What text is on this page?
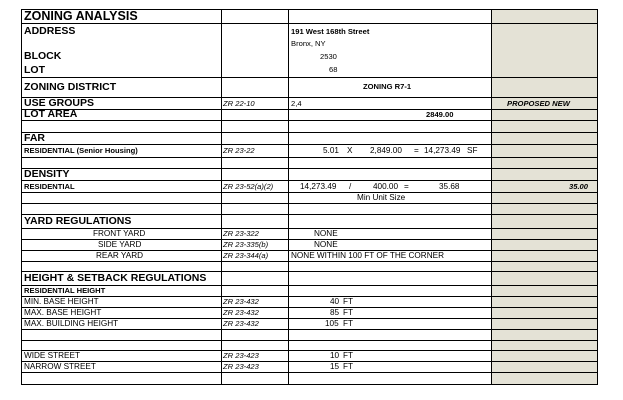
ZONING ANALYSIS
ADDRESS	191 West 168th Street
Bronx, NY
BLOCK	2530
LOT	68
ZONING DISTRICT	ZONING R7-1
USE GROUPS	ZR 22-10	2,4	PROPOSED NEW
LOT AREA	2849.00
FAR
RESIDENTIAL (Senior Housing)	ZR 23-22	5.01 X 2,849.00 = 14,273.49 SF
DENSITY
RESIDENTIAL	ZR 23-52(a)(2)	14,273.49 /	400.00 =	35.68	35.00
Min Unit Size
YARD REGULATIONS
FRONT YARD	ZR 23-322	NONE
SIDE YARD	ZR 23-335(b)	NONE
REAR YARD	ZR 23-344(a)	NONE WITHIN 100 FT OF THE CORNER
HEIGHT & SETBACK REGULATIONS
RESIDENTIAL HEIGHT
MIN. BASE HEIGHT	ZR 23-432	40 FT
MAX. BASE HEIGHT	ZR 23-432	85 FT
MAX. BUILDING HEIGHT	ZR 23-432	105 FT
WIDE STREET	ZR 23-423	10 FT
NARROW STREET	ZR 23-423	15 FT
